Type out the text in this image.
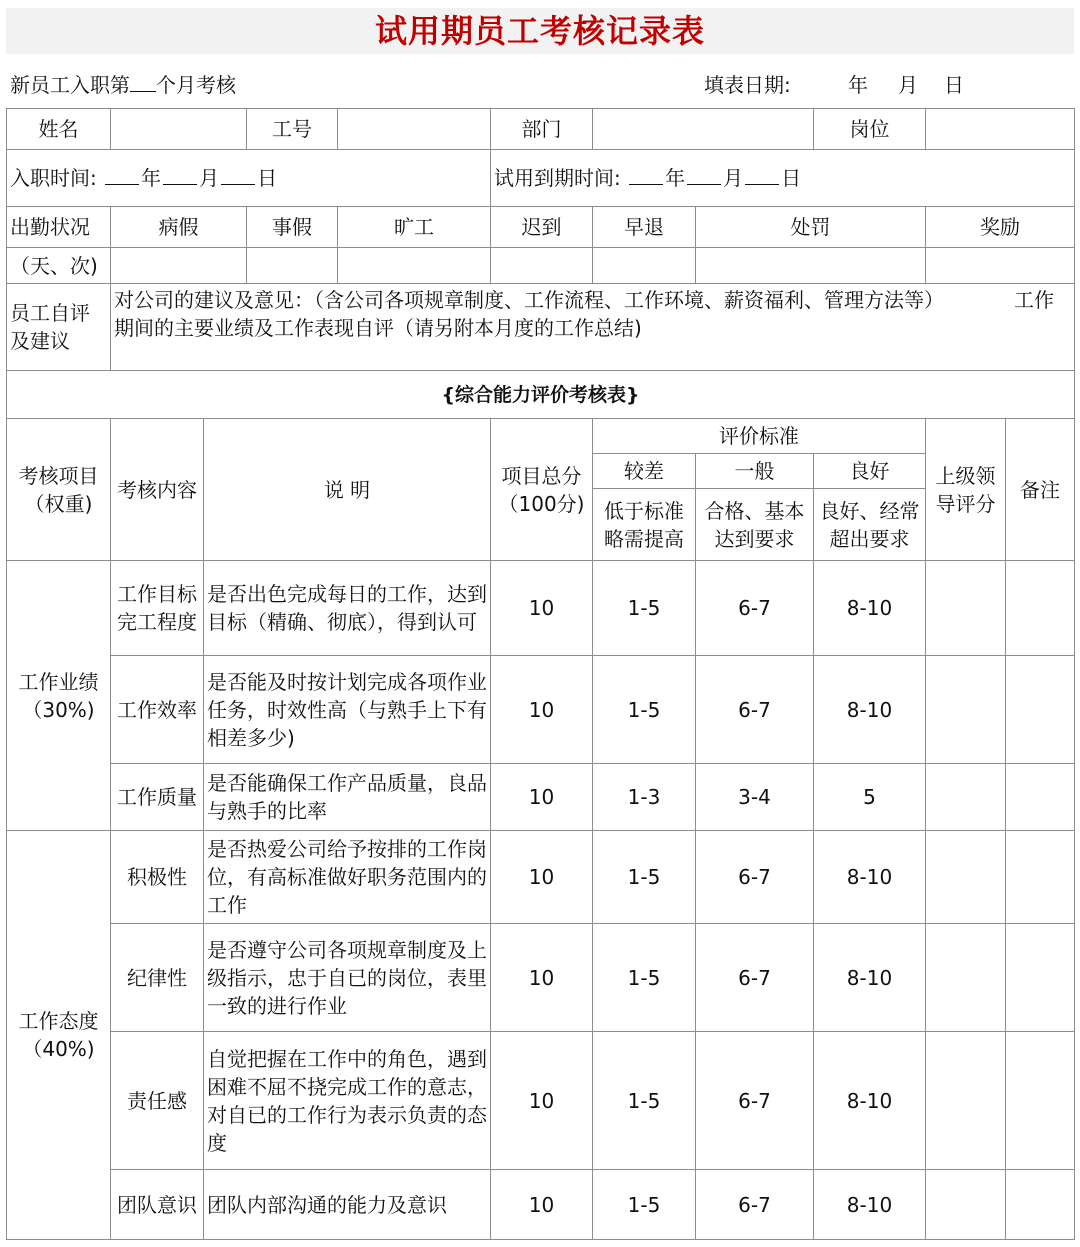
试用期员工考核记录表
新员工入职第 个月考核	填表日期:	年 月 日
姓名			工号		部门			岗位		
入职时间: 年 月 日					试用到期时间: 年 月 日					
出勤状况	病假		事假	旷工	迟到	早退	处罚		奖励	
（天、次)										
员工自评及建议	对公司的建议及意见：（含公司各项规章制度、工作流程、工作环境、薪资福利、管理方法等）　　　　工作期间的主要业绩及工作表现自评（请另附本月度的工作总结)									
{综合能力评价考核表}										
考核项目（权重)	考核内容	说 明			项目总分（100分)	评价标准			上级领导评分	备注
						较差	一般	良好		
						低于标准略需提高	合格、基本达到要求	良好、经常超出要求		
工作业绩（30%)	工作目标完工程度	是否出色完成每日的工作，达到目标（精确、彻底），得到认可			10	1-5	6-7	8-10		
	工作效率	是否能及时按计划完成各项作业任务，时效性高（与熟手上下有相差多少)			10	1-5	6-7	8-10		
	工作质量	是否能确保工作产品质量，良品与熟手的比率			10	1-3	3-4	5		
工作态度（40%)	积极性	是否热爱公司给予按排的工作岗位，有高标准做好职务范围内的工作			10	1-5	6-7	8-10		
	纪律性	是否遵守公司各项规章制度及上级指示，忠于自已的岗位，表里一致的进行作业			10	1-5	6-7	8-10		
	责任感	自觉把握在工作中的角色，遇到困难不屈不挠完成工作的意志，对自已的工作行为表示负责的态度			10	1-5	6-7	8-10		
	团队意识	团队内部沟通的能力及意识			10	1-5	6-7	8-10		
